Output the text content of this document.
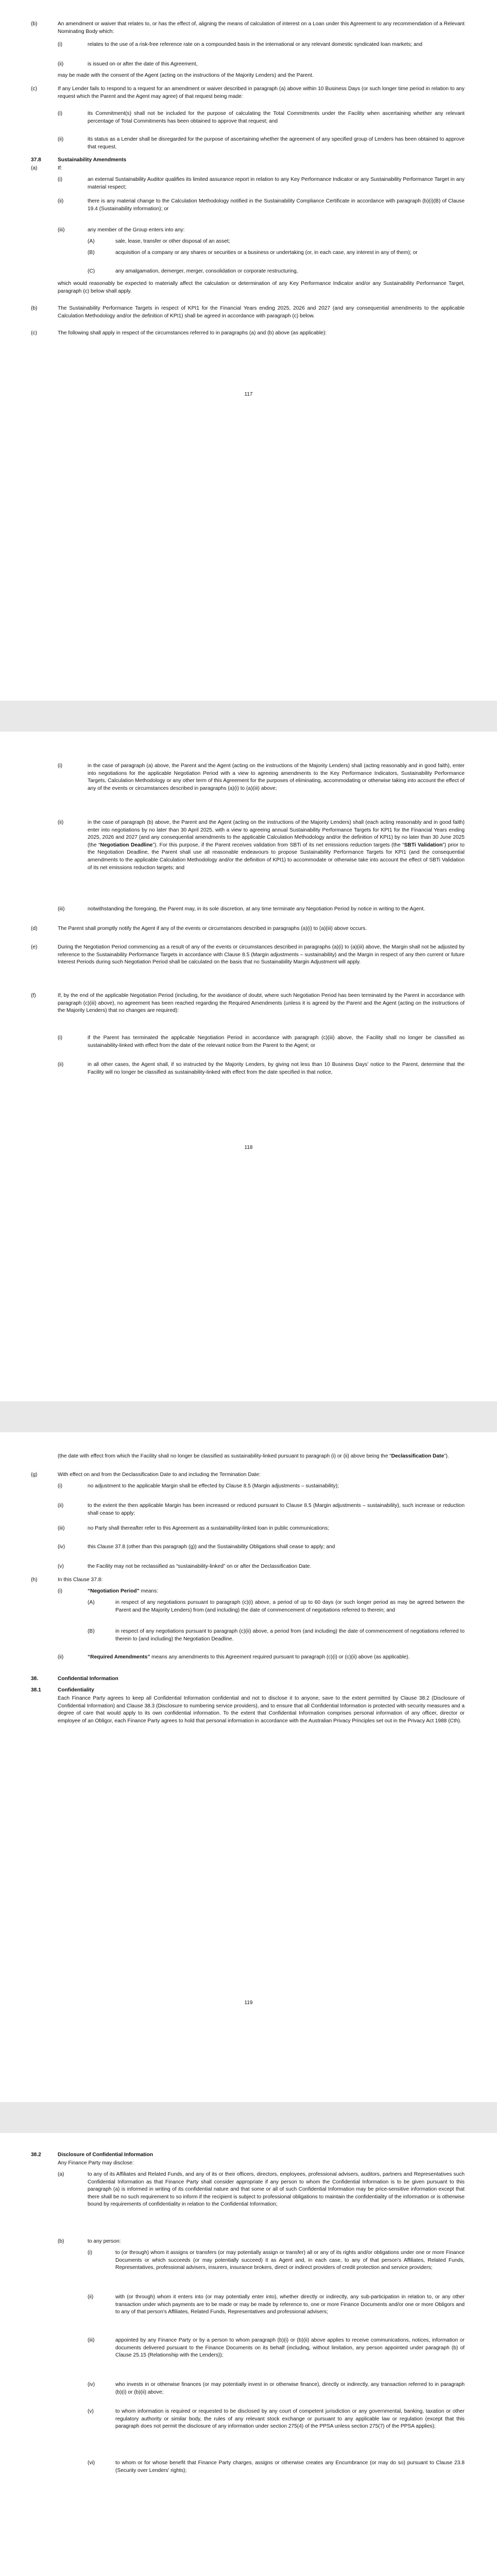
(b)	An amendment or waiver that relates to, or has the effect of, aligning the means of calculation of interest on a Loan under this Agreement to any recommendation of a Relevant Nominating Body which:
(i)	relates to the use of a risk-free reference rate on a compounded basis in the international or any relevant domestic syndicated loan markets; and
(ii)	is issued on or after the date of this Agreement,
may be made with the consent of the Agent (acting on the instructions of the Majority Lenders) and the Parent.
(c)	If any Lender fails to respond to a request for an amendment or waiver described in paragraph (a) above within 10 Business Days (or such longer time period in relation to any request which the Parent and the Agent may agree) of that request being made:
(i)	its Commitment(s) shall not be included for the purpose of calculating the Total Commitments under the Facility when ascertaining whether any relevant percentage of Total Commitments has been obtained to approve that request; and
(ii)	its status as a Lender shall be disregarded for the purpose of ascertaining whether the agreement of any specified group of Lenders has been obtained to approve that request.
37.8	Sustainability Amendments
(a)	If:
(i)	an external Sustainability Auditor qualifies its limited assurance report in relation to any Key Performance Indicator or any Sustainability Performance Target in any material respect;
(ii)	there is any material change to the Calculation Methodology notified in the Sustainability Compliance Certificate in accordance with paragraph (b)(i)(B) of Clause 19.4 (Sustainability information); or
(iii)	any member of the Group enters into any:
(A)	sale, lease, transfer or other disposal of an asset;
(B)	acquisition of a company or any shares or securities or a business or undertaking (or, in each case, any interest in any of them); or
(C)	any amalgamation, demerger, merger, consolidation or corporate restructuring,
which would reasonably be expected to materially affect the calculation or determination of any Key Performance Indicator and/or any Sustainability Performance Target, paragraph (c) below shall apply.
(b)	The Sustainability Performance Targets in respect of KPI1 for the Financial Years ending 2025, 2026 and 2027 (and any consequential amendments to the applicable Calculation Methodology and/or the definition of KPI1) shall be agreed in accordance with paragraph (c) below.
(c)	The following shall apply in respect of the circumstances referred to in paragraphs (a) and (b) above (as applicable):
117
(i)	in the case of paragraph (a) above, the Parent and the Agent (acting on the instructions of the Majority Lenders) shall (acting reasonably and in good faith), enter into negotiations for the applicable Negotiation Period with a view to agreeing amendments to the Key Performance Indicators, Sustainability Performance Targets, Calculation Methodology or any other term of this Agreement for the purposes of eliminating, accommodating or otherwise taking into account the effect of any of the events or circumstances described in paragraphs (a)(i) to (a)(iii) above;
(ii)	in the case of paragraph (b) above, the Parent and the Agent (acting on the instructions of the Majority Lenders) shall (each acting reasonably and in good faith) enter into negotiations by no later than 30 April 2025, with a view to agreeing annual Sustainability Performance Targets for KPI1 for the Financial Years ending 2025, 2026 and 2027 (and any consequential amendments to the applicable Calculation Methodology and/or the definition of KPI1) by no later than 30 June 2025 (the “Negotiation Deadline”). For this purpose, if the Parent receives validation from SBTi of its net emissions reduction targets (the “SBTi Validation”) prior to the Negotiation Deadline, the Parent shall use all reasonable endeavours to propose Sustainability Performance Targets for KPI1 (and the consequential amendments to the applicable Calculation Methodology and/or the definition of KPI1) to accommodate or otherwise take into account the effect of SBTi Validation of its net emissions reduction targets; and
(iii)	notwithstanding the foregoing, the Parent may, in its sole discretion, at any time terminate any Negotiation Period by notice in writing to the Agent.
(d)	The Parent shall promptly notify the Agent if any of the events or circumstances described in paragraphs (a)(i) to (a)(iii) above occurs.
(e)	During the Negotiation Period commencing as a result of any of the events or circumstances described in paragraphs (a)(i) to (a)(iii) above, the Margin shall not be adjusted by reference to the Sustainability Performance Targets in accordance with Clause 8.5 (Margin adjustments – sustainability) and the Margin in respect of any then current or future Interest Periods during such Negotiation Period shall be calculated on the basis that no Sustainability Margin Adjustment will apply.
(f)	If, by the end of the applicable Negotiation Period (including, for the avoidance of doubt, where such Negotiation Period has been terminated by the Parent in accordance with paragraph (c)(iii) above), no agreement has been reached regarding the Required Amendments (unless it is agreed by the Parent and the Agent (acting on the instructions of the Majority Lenders) that no changes are required):
(i)	if the Parent has terminated the applicable Negotiation Period in accordance with paragraph (c)(iii) above, the Facility shall no longer be classified as sustainability-linked with effect from the date of the relevant notice from the Parent to the Agent; or
(ii)	in all other cases, the Agent shall, if so instructed by the Majority Lenders, by giving not less than 10 Business Days' notice to the Parent, determine that the Facility will no longer be classified as sustainability-linked with effect from the date specified in that notice,
118
(the date with effect from which the Facility shall no longer be classified as sustainability-linked pursuant to paragraph (i) or (ii) above being the “Declassification Date”).
(g)	With effect on and from the Declassification Date to and including the Termination Date:
(i)	no adjustment to the applicable Margin shall be effected by Clause 8.5 (Margin adjustments – sustainability);
(ii)	to the extent the then applicable Margin has been increased or reduced pursuant to Clause 8.5 (Margin adjustments – sustainability), such increase or reduction shall cease to apply;
(iii)	no Party shall thereafter refer to this Agreement as a sustainability-linked loan in public communications;
(iv)	this Clause 37.8 (other than this paragraph (g)) and the Sustainability Obligations shall cease to apply; and
(v)	the Facility may not be reclassified as “sustainability-linked” on or after the Declassification Date.
(h)	In this Clause 37.8:
(i)	“Negotiation Period” means:
(A)	in respect of any negotiations pursuant to paragraph (c)(i) above, a period of up to 60 days (or such longer period as may be agreed between the Parent and the Majority Lenders) from (and including) the date of commencement of negotiations referred to therein; and
(B)	in respect of any negotiations pursuant to paragraph (c)(ii) above, a period from (and including) the date of commencement of negotiations referred to therein to (and including) the Negotiation Deadline.
(ii)	“Required Amendments” means any amendments to this Agreement required pursuant to paragraph (c)(i) or (c)(ii) above (as applicable).
38.	Confidential Information
38.1	Confidentiality
Each Finance Party agrees to keep all Confidential Information confidential and not to disclose it to anyone, save to the extent permitted by Clause 38.2 (Disclosure of Confidential Information) and Clause 38.3 (Disclosure to numbering service providers), and to ensure that all Confidential Information is protected with security measures and a degree of care that would apply to its own confidential information. To the extent that Confidential Information comprises personal information of any officer, director or employee of an Obligor, each Finance Party agrees to hold that personal information in accordance with the Australian Privacy Principles set out in the Privacy Act 1988 (Cth).
119
38.2	Disclosure of Confidential Information
Any Finance Party may disclose:
(a)	to any of its Affiliates and Related Funds, and any of its or their officers, directors, employees, professional advisers, auditors, partners and Representatives such Confidential Information as that Finance Party shall consider appropriate if any person to whom the Confidential Information is to be given pursuant to this paragraph (a) is informed in writing of its confidential nature and that some or all of such Confidential Information may be price-sensitive information except that there shall be no such requirement to so inform if the recipient is subject to professional obligations to maintain the confidentiality of the information or is otherwise bound by requirements of confidentiality in relation to the Confidential Information;
(b)	to any person:
(i)	to (or through) whom it assigns or transfers (or may potentially assign or transfer) all or any of its rights and/or obligations under one or more Finance Documents or which succeeds (or may potentially succeed) it as Agent and, in each case, to any of that person's Affiliates, Related Funds, Representatives, professional advisers, insurers, insurance brokers, direct or indirect providers of credit protection and service providers;
(ii)	with (or through) whom it enters into (or may potentially enter into), whether directly or indirectly, any sub-participation in relation to, or any other transaction under which payments are to be made or may be made by reference to, one or more Finance Documents and/or one or more Obligors and to any of that person's Affiliates, Related Funds, Representatives and professional advisers;
(iii)	appointed by any Finance Party or by a person to whom paragraph (b)(i) or (b)(ii) above applies to receive communications, notices, information or documents delivered pursuant to the Finance Documents on its behalf (including, without limitation, any person appointed under paragraph (b) of Clause 25.15 (Relationship with the Lenders));
(iv)	who invests in or otherwise finances (or may potentially invest in or otherwise finance), directly or indirectly, any transaction referred to in paragraph (b)(i) or (b)(ii) above;
(v)	to whom information is required or requested to be disclosed by any court of competent jurisdiction or any governmental, banking, taxation or other regulatory authority or similar body, the rules of any relevant stock exchange or pursuant to any applicable law or regulation (except that this paragraph does not permit the disclosure of any information under section 275(4) of the PPSA unless section 275(7) of the PPSA applies);
(vi)	to whom or for whose benefit that Finance Party charges, assigns or otherwise creates any Encumbrance (or may do so) pursuant to Clause 23.8 (Security over Lenders' rights);
